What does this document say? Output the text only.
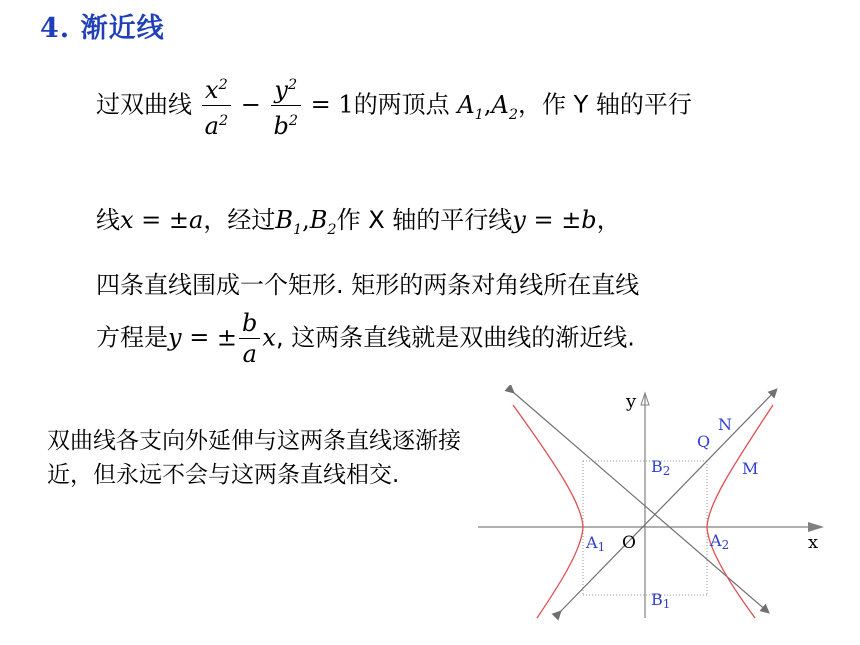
4. 渐近线
过双曲线 $\frac{x^2}{a^2} - \frac{y^2}{b^2} = 1$的两顶点 $A_1,A_2$，作 Y 轴的平行
线x = ±a，经过$B_1,B_2$作 X 轴的平行线y = ±b，
四条直线围成一个矩形. 矩形的两条对角线所在直线
方程是y = ± $\frac{b}{a} x$, 这两条直线就是双曲线的渐近线.
双曲线各支向外延伸与这两条直线逐渐接近，但永远不会与这两条直线相交.
y
x
O
N
Q
M
B2
B1
A1	A2
